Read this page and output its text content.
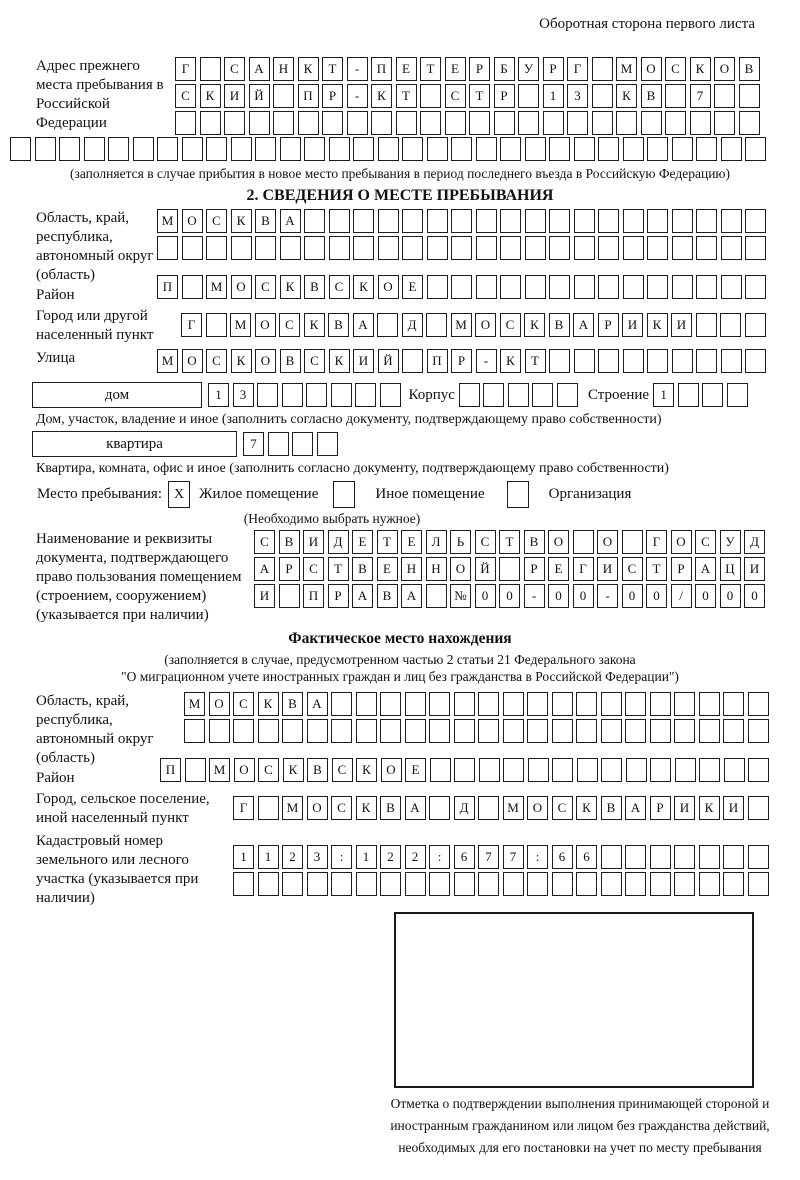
Оборотная сторона первого листа
Адрес прежнего места пребывания в Российской Федерации
Г	С	А	Н	К	Т	-	П	Е	Т	Е	Р	Б	У	Р	Г	М	О	С	К	О	В
С	К	И	Й	П	Р	-	К	Т	С	Т	Р	1	3	К	В	7
(заполняется в случае прибытия в новое место пребывания в период последнего въезда в Российскую Федерацию)
2. СВЕДЕНИЯ О МЕСТЕ ПРЕБЫВАНИЯ
Область, край, республика, автономный округ (область)
М	О	С	К	В	А
Район
П	М	О	С	К	В	С	К	О	Е
Город или другой населенный пункт
Г	М	О	С	К	В	А	Д	М	О	С	К	В	А	Р	И	К	И
Улица	М	О	С	К	О	В	С	К	И	Й	П	Р	-	К	Т
дом	1	3	Корпус	Строение 1
Дом, участок, владение и иное (заполнить согласно документу, подтверждающему право собственности)
квартира	7
Квартира, комната, офис и иное (заполнить согласно документу, подтверждающему право собственности)
Место пребывания: X Жилое помещение	Иное помещение	Организация
(Необходимо выбрать нужное)
Наименование и реквизиты документа, подтверждающего право пользования помещением (строением, сооружением) (указывается при наличии)
С	В	И	Д	Е	Т	Е	Л	Ь	С	Т	В	О	О	Г	О	С	У	Д
А	Р	С	Т	В	Е	Н	Н	О	Й	Р	Е	Г	И	С	Т	Р	А	Ц	И
И	П	Р	А	В	А	№	0	0	-	0	0	-	0	0	/	0	0	0
Фактическое место нахождения
(заполняется в случае, предусмотренном частью 2 статьи 21 Федерального закона
"О миграционном учете иностранных граждан и лиц без гражданства в Российской Федерации")
Область, край, республика, автономный округ (область)
М	О	С	К	В	А
Район
П	М	О	С	К	В	С	К	О	Е
Город, сельское поселение, иной населенный пункт
Г	М	О	С	К	В	А	Д	М	О	С	К	В	А	Р	И	К	И
Кадастровый номер земельного или лесного участка (указывается при наличии)
1	1	2	3	:	1	2	2	:	6	7	7	:	6	6
Отметка о подтверждении выполнения принимающей стороной и иностранным гражданином или лицом без гражданства действий, необходимых для его постановки на учет по месту пребывания
